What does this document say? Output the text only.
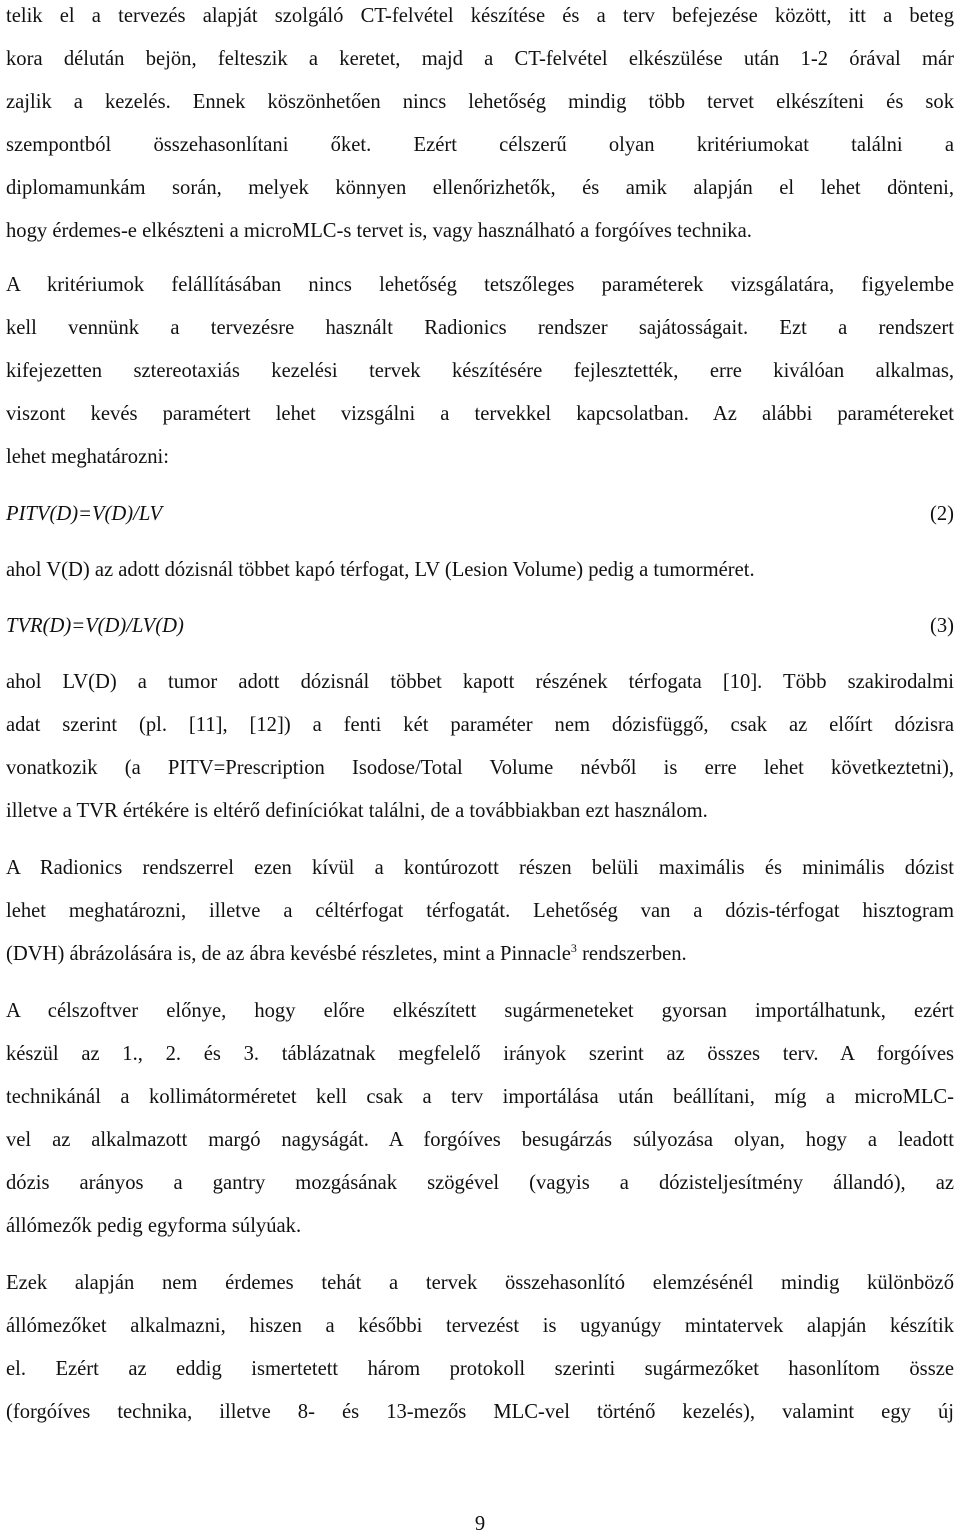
telik el a tervezés alapját szolgáló CT-felvétel készítése és a terv befejezése között, itt a beteg
kora délután bejön, felteszik a keretet, majd a CT-felvétel elkészülése után 1-2 órával már
zajlik a kezelés. Ennek köszönhetően nincs lehetőség mindig több tervet elkészíteni és sok
szempontból összehasonlítani őket. Ezért célszerű olyan kritériumokat találni a
diplomamunkám során, melyek könnyen ellenőrizhetők, és amik alapján el lehet dönteni,
hogy érdemes-e elkészteni a microMLC-s tervet is, vagy használható a forgóíves technika.
A kritériumok felállításában nincs lehetőség tetszőleges paraméterek vizsgálatára, figyelembe
kell vennünk a tervezésre használt Radionics rendszer sajátosságait. Ezt a rendszert
kifejezetten sztereotaxiás kezelési tervek készítésére fejlesztették, erre kiválóan alkalmas,
viszont kevés paramétert lehet vizsgálni a tervekkel kapcsolatban. Az alábbi paramétereket
lehet meghatározni:
PITV(D)=V(D)/LV	(2)
ahol V(D) az adott dózisnál többet kapó térfogat, LV (Lesion Volume) pedig a tumorméret.
TVR(D)=V(D)/LV(D)	(3)
ahol LV(D) a tumor adott dózisnál többet kapott részének térfogata [10]. Több szakirodalmi
adat szerint (pl. [11], [12]) a fenti két paraméter nem dózisfüggő, csak az előírt dózisra
vonatkozik (a PITV=Prescription Isodose/Total Volume névből is erre lehet következtetni),
illetve a TVR értékére is eltérő definíciókat találni, de a továbbiakban ezt használom.
A Radionics rendszerrel ezen kívül a kontúrozott részen belüli maximális és minimális dózist
lehet meghatározni, illetve a céltérfogat térfogatát. Lehetőség van a dózis-térfogat hisztogram
(DVH) ábrázolására is, de az ábra kevésbé részletes, mint a Pinnacle$^3$ rendszerben.
A célszoftver előnye, hogy előre elkészített sugármeneteket gyorsan importálhatunk, ezért
készül az 1., 2. és 3. táblázatnak megfelelő irányok szerint az összes terv. A forgóíves
technikánál a kollimátorméretet kell csak a terv importálása után beállítani, míg a microMLC-
vel az alkalmazott margó nagyságát. A forgóíves besugárzás súlyozása olyan, hogy a leadott
dózis arányos a gantry mozgásának szögével (vagyis a dózisteljesítmény állandó), az
állómezők pedig egyforma súlyúak.
Ezek alapján nem érdemes tehát a tervek összehasonlító elemzésénél mindig különböző
állómezőket alkalmazni, hiszen a későbbi tervezést is ugyanúgy mintatervek alapján készítik
el. Ezért az eddig ismertetett három protokoll szerinti sugármezőket hasonlítom össze
(forgóíves technika, illetve 8- és 13-mezős MLC-vel történő kezelés), valamint egy új
9
